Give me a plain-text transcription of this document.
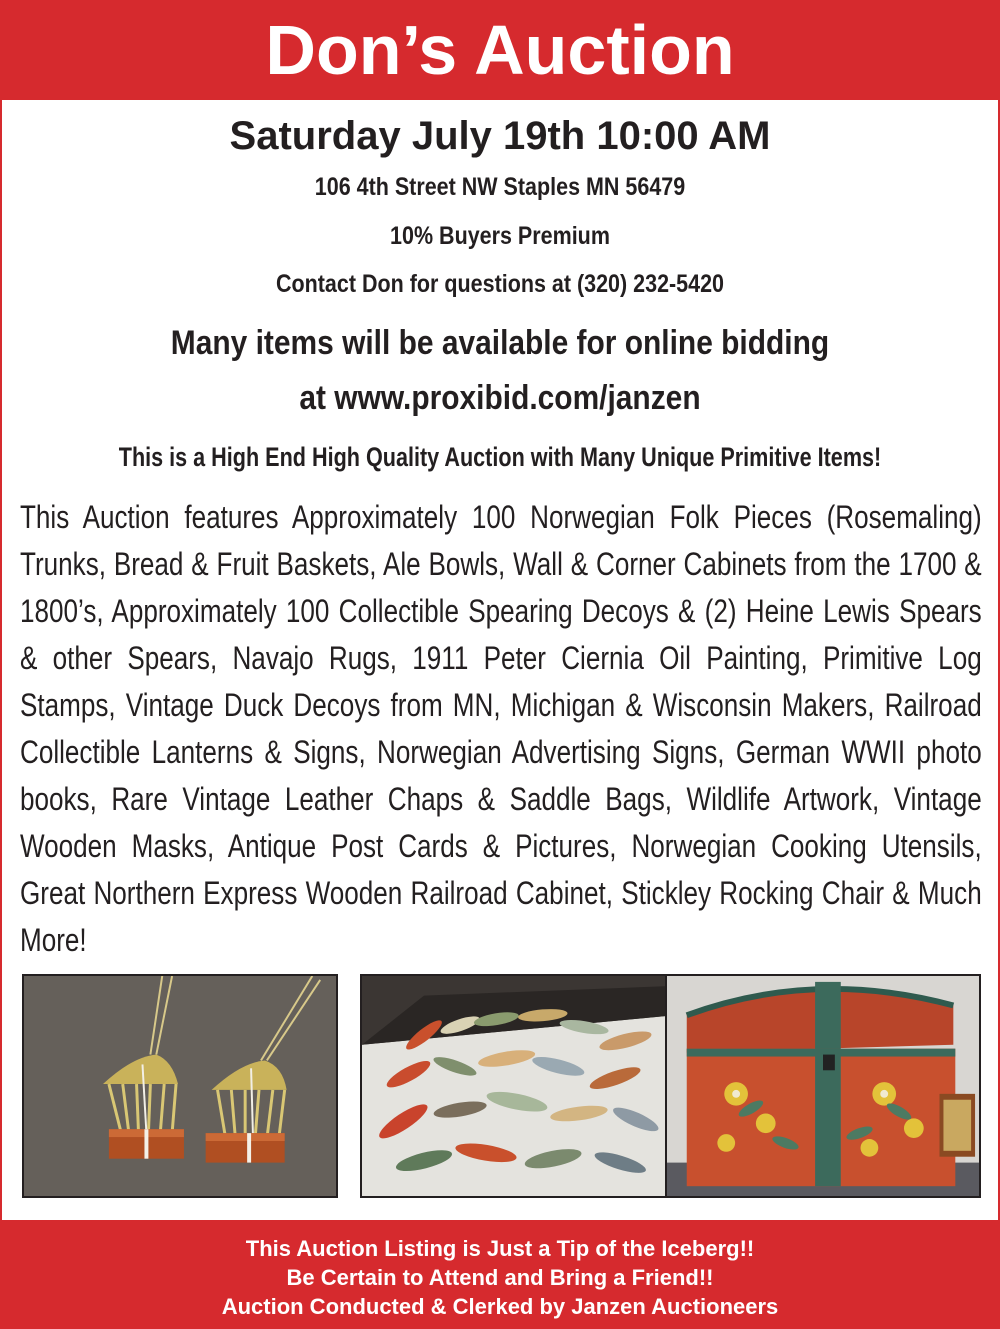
Don’s Auction
Saturday July 19th 10:00 AM
106 4th Street NW Staples MN 56479
10% Buyers Premium
Contact Don for questions at (320) 232-5420
Many items will be available for online bidding
at www.proxibid.com/janzen
This is a High End High Quality Auction with Many Unique Primitive Items!
This Auction features Approximately 100 Norwegian Folk Pieces (Rosemaling) Trunks, Bread & Fruit Baskets, Ale Bowls, Wall & Corner Cabinets from the 1700 & 1800’s, Approximately 100 Collectible Spearing Decoys & (2) Heine Lewis Spears & other Spears, Navajo Rugs, 1911 Peter Ciernia Oil Painting, Primitive Log Stamps, Vintage Duck Decoys from MN, Michigan & Wisconsin Makers, Railroad Collectible Lanterns & Signs, Norwegian Advertising Signs, German WWII photo books, Rare Vintage Leather Chaps & Saddle Bags, Wildlife Artwork, Vintage Wooden Masks, Antique Post Cards & Pictures, Norwegian Cooking Utensils, Great Northern Express Wooden Railroad Cabinet, Stickley Rocking Chair & Much More!
This Auction Listing is Just a Tip of the Iceberg!!
Be Certain to Attend and Bring a Friend!!
Auction Conducted & Clerked by Janzen Auctioneers
